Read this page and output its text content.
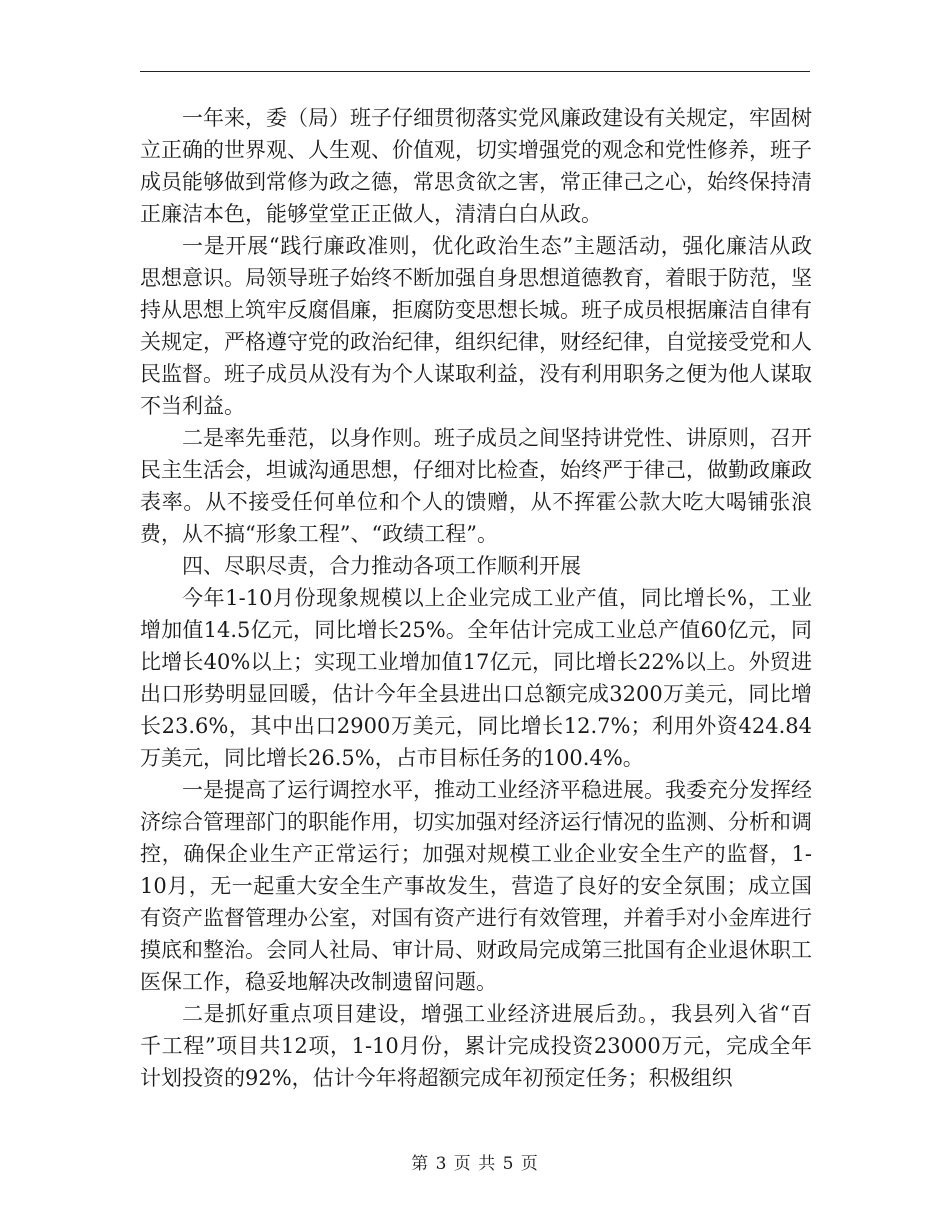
一年来，委（局）班子仔细贯彻落实党风廉政建设有关规定，牢固树立正确的世界观、人生观、价值观，切实增强党的观念和党性修养，班子成员能够做到常修为政之德，常思贪欲之害，常正律己之心，始终保持清正廉洁本色，能够堂堂正正做人，清清白白从政。

一是开展“践行廉政准则，优化政治生态”主题活动，强化廉洁从政思想意识。局领导班子始终不断加强自身思想道德教育，着眼于防范，坚持从思想上筑牢反腐倡廉，拒腐防变思想长城。班子成员根据廉洁自律有关规定，严格遵守党的政治纪律，组织纪律，财经纪律，自觉接受党和人民监督。班子成员从没有为个人谋取利益，没有利用职务之便为他人谋取不当利益。

二是率先垂范，以身作则。班子成员之间坚持讲党性、讲原则，召开民主生活会，坦诚沟通思想，仔细对比检查，始终严于律己，做勤政廉政表率。从不接受任何单位和个人的馈赠，从不挥霍公款大吃大喝铺张浪费，从不搞“形象工程”、“政绩工程”。

四、尽职尽责，合力推动各项工作顺利开展

今年1-10月份现象规模以上企业完成工业产值，同比增长%，工业增加值14.5亿元，同比增长25%。全年估计完成工业总产值60亿元，同比增长40%以上；实现工业增加值17亿元，同比增长22%以上。外贸进出口形势明显回暖，估计今年全县进出口总额完成3200万美元，同比增长23.6%，其中出口2900万美元，同比增长12.7%；利用外资424.84万美元，同比增长26.5%，占市目标任务的100.4%。

一是提高了运行调控水平，推动工业经济平稳进展。我委充分发挥经济综合管理部门的职能作用，切实加强对经济运行情况的监测、分析和调控，确保企业生产正常运行；加强对规模工业企业安全生产的监督，1-10月，无一起重大安全生产事故发生，营造了良好的安全氛围；成立国有资产监督管理办公室，对国有资产进行有效管理，并着手对小金库进行摸底和整治。会同人社局、审计局、财政局完成第三批国有企业退休职工医保工作，稳妥地解决改制遗留问题。

二是抓好重点项目建设，增强工业经济进展后劲。，我县列入省“百千工程”项目共12项，1-10月份，累计完成投资23000万元，完成全年计划投资的92%，估计今年将超额完成年初预定任务；积极组织

第 3 页 共 5 页
